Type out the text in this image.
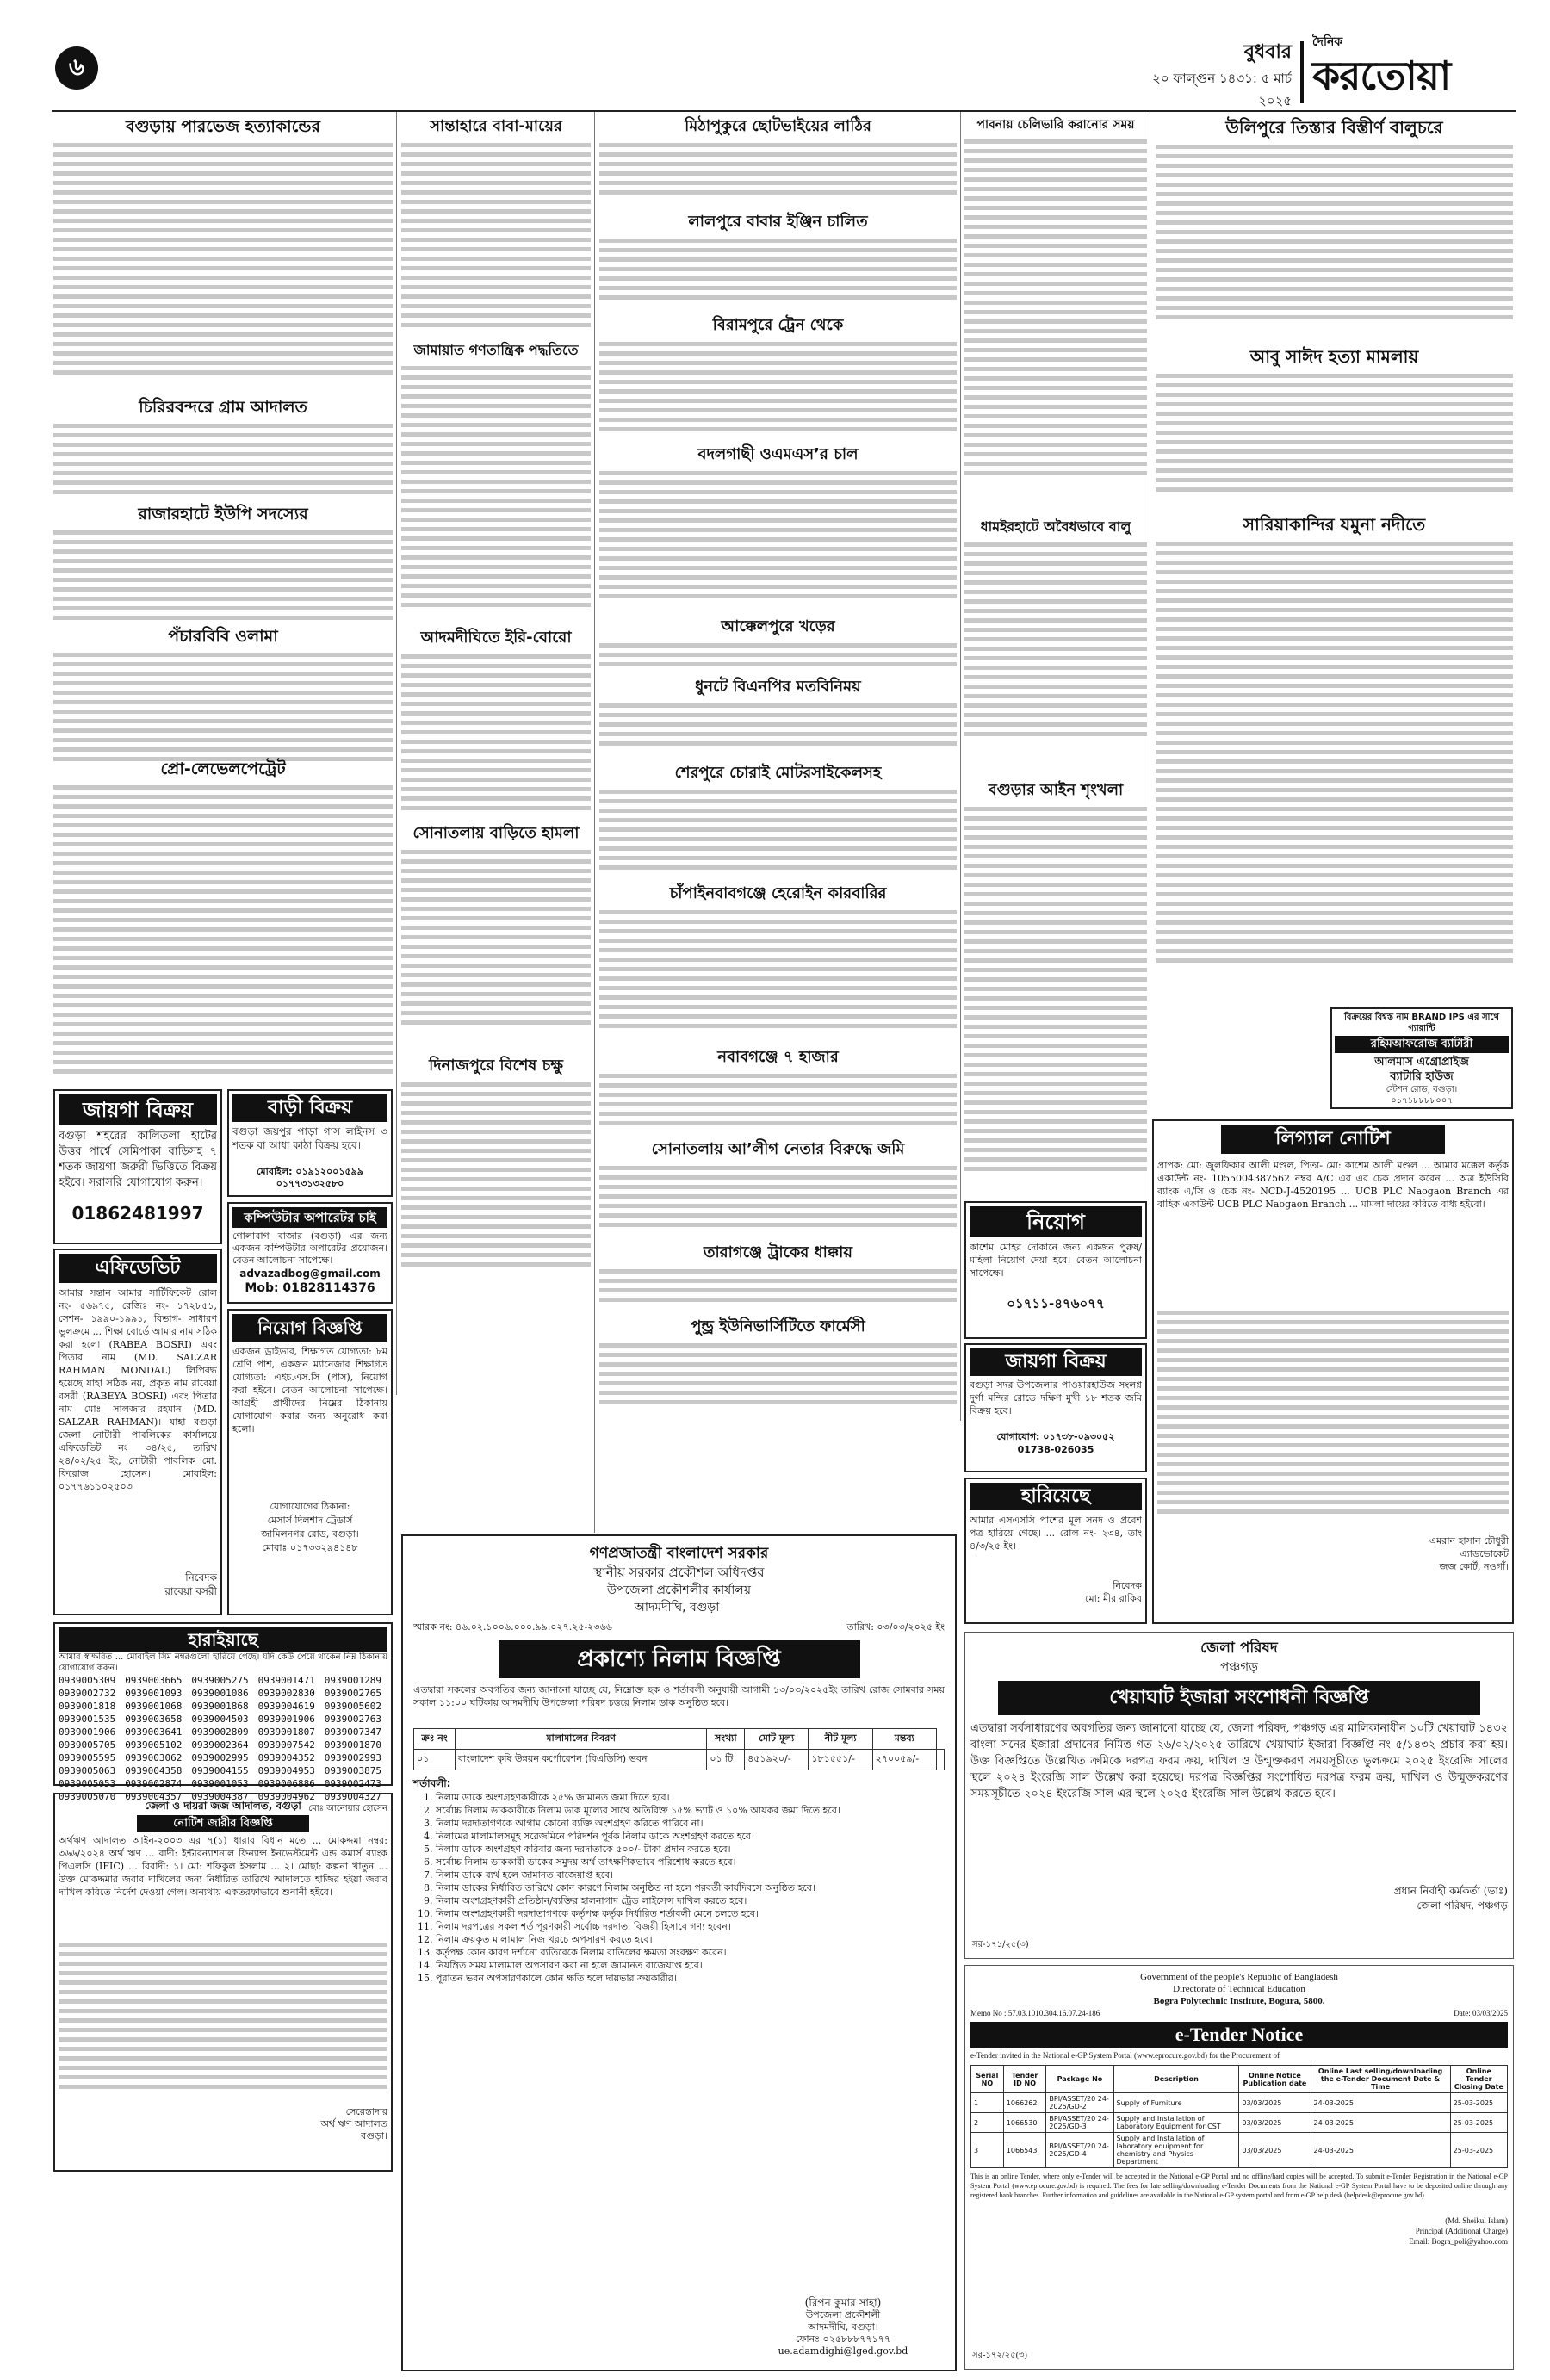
৬	বুধবার
২০ ফাল্গুন ১৪৩১: ৫ মার্চ ২০২৫
দৈনিক
করতোয়া
বগুড়ায় পারভেজ হত্যাকান্ডের
চিরিরবন্দরে গ্রাম আদালত
রাজারহাটে ইউপি সদস্যের
পঁচারবিবি ওলামা
প্রো-লেভেলপেট্রেট
জায়গা বিক্রয়
বগুড়া শহরের কালিতলা হাটের উত্তর পার্শ্বে সেমিপাকা বাড়িসহ ৭ শতক জায়গা জরুরী ভিত্তিতে বিক্রয় হইবে। সরাসরি যোগাযোগ করুন।
01862481997
বাড়ী বিক্রয়
বগুড়া জয়পুর পাড়া গাস লাইনস ৩ শতক বা আধা কাঠা বিক্রয় হবে।
মোবাইল: ০১৯১২০০১৫৯৯
০১৭৭৩১৩২৫৮০
কম্পিউটার অপারেটর চাই
গোলাবাগ বাজার (বগুড়া) এর জন্য একজন কম্পিউটার অপারেটর প্রয়োজন। বেতন আলোচনা সাপেক্ষে।
advazadbog@gmail.com
Mob: 01828114376
এফিডেভিট
আমার সন্তান আমার সার্টিফিকেট রোল নং- ৫৬৯৭৫, রেজিঃ নং- ১৭২৮৫১, সেশন- ১৯৯০-১৯৯১, বিভাগ- সাধারণ ভুলক্রমে ... শিক্ষা বোর্ডে আমার নাম সঠিক করা হলো (RABEA BOSRI) এবং পিতার নাম (MD. SALZAR RAHMAN MONDAL) লিপিবদ্ধ হয়েছে যাহা সঠিক নয়, প্রকৃত নাম রাবেয়া বসরী (RABEYA BOSRI) এবং পিতার নাম মোঃ সালজার রহমান (MD. SALZAR RAHMAN)। যাহা বগুড়া জেলা নোটারী পাবলিকের কার্যালয়ে এফিডেভিট নং ৩৪/২৫, তারিখ ২৪/০২/২৫ ইং, নোটারী পাবলিক মো. ফিরোজ হোসেন। মোবাইল: ০১৭৭৬১১০২৫০৩
নিবেদক
রাবেয়া বসরী
নিয়োগ বিজ্ঞপ্তি
একজন ড্রাইভার, শিক্ষাগত যোগ্যতা: ৮ম শ্রেণি পাশ, একজন ম্যানেজার শিক্ষাগত যোগ্যতা: এইচ.এস.সি (পাস), নিয়োগ করা হইবে। বেতন আলোচনা সাপেক্ষে। আগ্রহী প্রার্থীদের নিম্নের ঠিকানায় যোগাযোগ করার জন্য অনুরোধ করা হলো।
যোগাযোগের ঠিকানা:
মেসার্স দিলশাদ ট্রেডার্স
জামিলনগর রোড, বগুড়া।
মোবাঃ ০১৭৩৩২৯৪১৪৮
হারাইয়াছে
আমার স্বাক্ষরিত ... মোবাইল সিম নম্বরগুলো হারিয়ে গেছে। যদি কেউ পেয়ে থাকেন নিম্ন ঠিকানায় যোগাযোগ করুন।
0939005309 0939003665 0939005275 0939001471 0939001289
0939002732 0939001093 0939001086 0939002830 0939002765
0939001818 0939001068 0939001868 0939004619 0939005602
0939001535 0939003658 0939004503 0939001906 0939002763
0939001906 0939003641 0939002809 0939001807 0939007347
0939005705 0939005102 0939002364 0939007542 0939001870
0939005595 0939003062 0939002995 0939004352 0939002993
0939005063 0939004358 0939004155 0939004953 0939003875
0939005053 0939002874 0939001053 0939006886 0939002473
0939005070 0939004357 0939004387 0939004962 0939004327
মোঃ আনোয়ার হোসেন
জেলা ও দায়রা জজ আদালত, বগুড়া
নোটিশ জারীর বিজ্ঞপ্তি
অর্থঋণ আদালত আইন-২০০৩ এর ৭(১) ধারার বিধান মতে ... মোকদ্দমা নম্বর: ৩৬৬/২০২৪ অর্থ ঋণ ... বাদী: ইন্টারন্যাশনাল ফিন্যান্স ইনভেস্টমেন্ট এন্ড কমার্স ব্যাংক পিএলসি (IFIC) ... বিবাদী: ১। মো: শফিকুল ইসলাম ... ২। মোছা: কল্পনা খাতুন ... উক্ত মোকদ্দমার জবাব দাখিলের জন্য নির্ধারিত তারিখে আদালতে হাজির হইয়া জবাব দাখিল করিতে নির্দেশ দেওয়া গেল। অন্যথায় একতরফাভাবে শুনানী হইবে।
সেরেস্তাদার
অর্থ ঋণ আদালত
বগুড়া।
সান্তাহারে বাবা-মায়ের
জামায়াত গণতান্ত্রিক পদ্ধতিতে
আদমদীঘিতে ইরি-বোরো
সোনাতলায় বাড়িতে হামলা
দিনাজপুরে বিশেষ চক্ষু
মিঠাপুকুরে ছোটভাইয়ের লাঠির
লালপুরে বাবার ইঞ্জিন চালিত
বিরামপুরে ট্রেন থেকে
বদলগাছী ওএমএস’র চাল
আক্কেলপুরে খড়ের
ধুনটে বিএনপির মতবিনিময়
শেরপুরে চোরাই মোটরসাইকেলসহ
চাঁপাইনবাবগঞ্জে হেরোইন কারবারির
নবাবগঞ্জে ৭ হাজার
সোনাতলায় আ’লীগ নেতার বিরুদ্ধে জমি
তারাগঞ্জে ট্রাকের ধাক্কায়
পুন্ড্র ইউনিভার্সিটিতে ফার্মেসী
পাবনায় চেলিভারি করানোর সময়
ধামইরহাটে অবৈধভাবে বালু
বগুড়ার আইন শৃংখলা
উলিপুরে তিস্তার বিস্তীর্ণ বালুচরে
আবু সাঈদ হত্যা মামলায়
সারিয়াকান্দির যমুনা নদীতে
বিক্রয়ের বিশ্বস্ত নাম BRAND IPS এর সাথে গ্যারান্টি
রহিমআফরোজ ব্যাটারী
আলমাস এগ্রোপ্রাইজ
ব্যাটারি হাউজ
স্টেশন রোড, বগুড়া।
০১৭১৮৮৮৮০০৭
নিয়োগ
কাশেম মোহর দোকানে জন্য একজন পুরুষ/মহিলা নিয়োগ দেয়া হবে। বেতন আলোচনা সাপেক্ষে।
০১৭১১-৪৭৬০৭৭
জায়গা বিক্রয়
বগুড়া সদর উপজেলার পাওয়ারহাউজ সংলগ্ন দুর্গা মন্দির রোডে দক্ষিণ মুখী ১৮ শতক জমি বিক্রয় হবে।
যোগাযোগ: ০১৭৩৮-০৯৩০৫২
01738-026035
হারিয়েছে
আমার এসএসসি পাশের মূল সনদ ও প্রবেশ পত্র হারিয়ে গেছে। ... রোল নং- ২৩৪, তাং ৪/৩/২৫ ইং।
নিবেদক
মো: মীর রাকিব
লিগ্যাল নোটিশ
প্রাপক: মো: জুলফিকার আলী মণ্ডল, পিতা- মো: কাশেম আলী মণ্ডল ... আমার মক্কেল কর্তৃক একাউন্ট নং- 1055004387562 নম্বর A/C এর এর চেক প্রদান করেন ... অত্র ইউসিবি ব্যাংক এ/সি ও চেক নং- NCD-J-4520195 ... UCB PLC Naogaon Branch এর বাহিক একাউন্ট UCB PLC Naogaon Branch ... মামলা দায়ের করিতে বাধ্য হইবো।
এমরান হাসান চৌধুরী
এ্যাডভোকেট
জজ কোর্ট, নওগাঁ।
গণপ্রজাতন্ত্রী বাংলাদেশ সরকার
স্থানীয় সরকার প্রকৌশল অধিদপ্তর
উপজেলা প্রকৌশলীর কার্যালয়
আদমদীঘি, বগুড়া।
স্মারক নং: ৪৬.০২.১০০৬.০০০.৯৯.০২৭.২৫-২৩৬৬	তারিখ: ০৩/০৩/২০২৫ ইং
প্রকাশ্যে নিলাম বিজ্ঞপ্তি
এতদ্বারা সকলের অবগতির জন্য জানানো যাচ্ছে যে, নিম্নোক্ত ছক ও শর্তাবলী অনুযায়ী আগামী ১৩/০৩/২০২৫ইং তারিখ রোজ সোমবার সময় সকাল ১১:০০ ঘটিকায় আদমদীঘি উপজেলা পরিষদ চত্তরে নিলাম ডাক অনুষ্ঠিত হবে।
ক্রঃ নং	মালামালের বিবরণ	সংখ্যা	মোট মূল্য	নীট মূল্য	মন্তব্য	
০১	বাংলাদেশ কৃষি উন্নয়ন কর্পোরেশন (বিএডিসি) ভবন	০১ টি	৪৫১৯২০/-	১৮১৫৫১/-	২৭০০৫৯/-	
শর্তাবলী:
1. নিলাম ডাকে অংশগ্রহণকারীকে ২৫% জামানত জমা দিতে হবে।
2. সর্বোচ্চ নিলাম ডাককারীকে নিলাম ডাক মূল্যের সাথে অতিরিক্ত ১৫% ভ্যাট ও ১০% আয়কর জমা দিতে হবে।
3. নিলাম দরদাতাগণকে আগাম কোনো ব্যক্তি অংশগ্রহণ করিতে পারিবে না।
4. নিলামের মালামালসমূহ সরেজমিনে পরিদর্শন পূর্বক নিলাম ডাকে অংশগ্রহণ করতে হবে।
5. নিলাম ডাকে অংশগ্রহণ করিবার জন্য দরদাতাকে ৫০০/- টাকা প্রদান করতে হবে।
6. সর্বোচ্চ নিলাম ডাককারী ডাকের সমুদয় অর্থ তাৎক্ষণিকভাবে পরিশোধ করতে হবে।
7. নিলাম ডাকে ব্যর্থ হলে জামানত বাজেয়াপ্ত হবে।
8. নিলাম ডাকের নির্ধারিত তারিখে কোন কারণে নিলাম অনুষ্ঠিত না হলে পরবর্তী কার্যদিবসে অনুষ্ঠিত হবে।
9. নিলাম অংশগ্রহণকারী প্রতিষ্ঠান/ব্যক্তির হালনাগাদ ট্রেড লাইসেন্স দাখিল করতে হবে।
10. নিলাম অংশগ্রহণকারী দরদাতাগণকে কর্তৃপক্ষ কর্তৃক নির্ধারিত শর্তাবলী মেনে চলতে হবে।
11. নিলাম দরপত্রের সকল শর্ত পূরণকারী সর্বোচ্চ দরদাতা বিজয়ী হিসাবে গণ্য হবেন।
12. নিলাম ক্রয়কৃত মালামাল নিজ খরচে অপসারণ করতে হবে।
13. কর্তৃপক্ষ কোন কারণ দর্শানো ব্যতিরেকে নিলাম বাতিলের ক্ষমতা সংরক্ষণ করেন।
14. নিয়ন্ত্রিত সময় মালামাল অপসারণ করা না হলে জামানত বাজেয়াপ্ত হবে।
15. পূরাতন ভবন অপসারণকালে কোন ক্ষতি হলে দায়ভার ক্রয়কারীর।
(রিপন কুমার সাহা)
উপজেলা প্রকৌশলী
আদমদীঘি, বগুড়া।
ফোনঃ ০২৫৮৮৮৭৭১৭৭
ue.adamdighi@lged.gov.bd
জেলা পরিষদ
পঞ্চগড়
খেয়াঘাট ইজারা সংশোধনী বিজ্ঞপ্তি
এতদ্বারা সর্বসাধারণের অবগতির জন্য জানানো যাচ্ছে যে, জেলা পরিষদ, পঞ্চগড় এর মালিকানাধীন ১০টি খেয়াঘাট ১৪৩২ বাংলা সনের ইজারা প্রদানের নিমিত্ত গত ২৬/০২/২০২৫ তারিখে খেয়াঘাট ইজারা বিজ্ঞপ্তি নং ৫/১৪৩২ প্রচার করা হয়। উক্ত বিজ্ঞপ্তিতে উল্লেখিত ক্রমিকে দরপত্র ফরম ক্রয়, দাখিল ও উন্মুক্তকরণ সময়সূচীতে ভুলক্রমে ২০২৫ ইংরেজি সালের স্থলে ২০২৪ ইংরেজি সাল উল্লেখ করা হয়েছে। দরপত্র বিজ্ঞপ্তির সংশোধিত দরপত্র ফরম ক্রয়, দাখিল ও উন্মুক্তকরণের সময়সূচীতে ২০২৪ ইংরেজি সাল এর স্থলে ২০২৫ ইংরেজি সাল উল্লেখ করতে হবে।
প্রধান নির্বাহী কর্মকর্তা (ভাঃ)
জেলা পরিষদ, পঞ্চগড়
সর-১৭১/২৫(৩)
Government of the people's Republic of Bangladesh
Directorate of Technical Education
Bogra Polytechnic Institute, Bogura, 5800.
Memo No : 57.03.1010.304.16.07.24-186	Date: 03/03/2025
e-Tender Notice
e-Tender invited in the National e-GP System Portal (www.eprocure.gov.bd) for the Procurement of
Serial NO	Tender ID NO	Package No	Description	Online Notice Publication date	Online Last selling/downloading the e-Tender Document Date & Time	Online Tender Closing Date
1	1066262	BPI/ASSET/20 24-2025/GD-2	Supply of Furniture	03/03/2025	24-03-2025	25-03-2025
2	1066530	BPI/ASSET/20 24-2025/GD-3	Supply and Installation of Laboratory Equipment for CST	03/03/2025	24-03-2025	25-03-2025
3	1066543	BPI/ASSET/20 24-2025/GD-4	Supply and Installation of laboratory equipment for chemistry and Physics Department	03/03/2025	24-03-2025	25-03-2025
This is an online Tender, where only e-Tender will be accepted in the National e-GP Portal and no offline/hard copies will be accepted. To submit e-Tender Registration in the National e-GP System Portal (www.eprocure.gov.bd) is required. The fees for late selling/downloading e-Tender Documents from the National e-GP System Portal have to be deposited online through any registered bank branches. Further information and guidelines are available in the National e-GP system portal and from e-GP help desk (helpdesk@eprocure.gov.bd)
(Md. Sheikul Islam)
Principal (Additional Charge)
Email: Bogra_poli@yahoo.com
সর-১৭২/২৫(৩)
